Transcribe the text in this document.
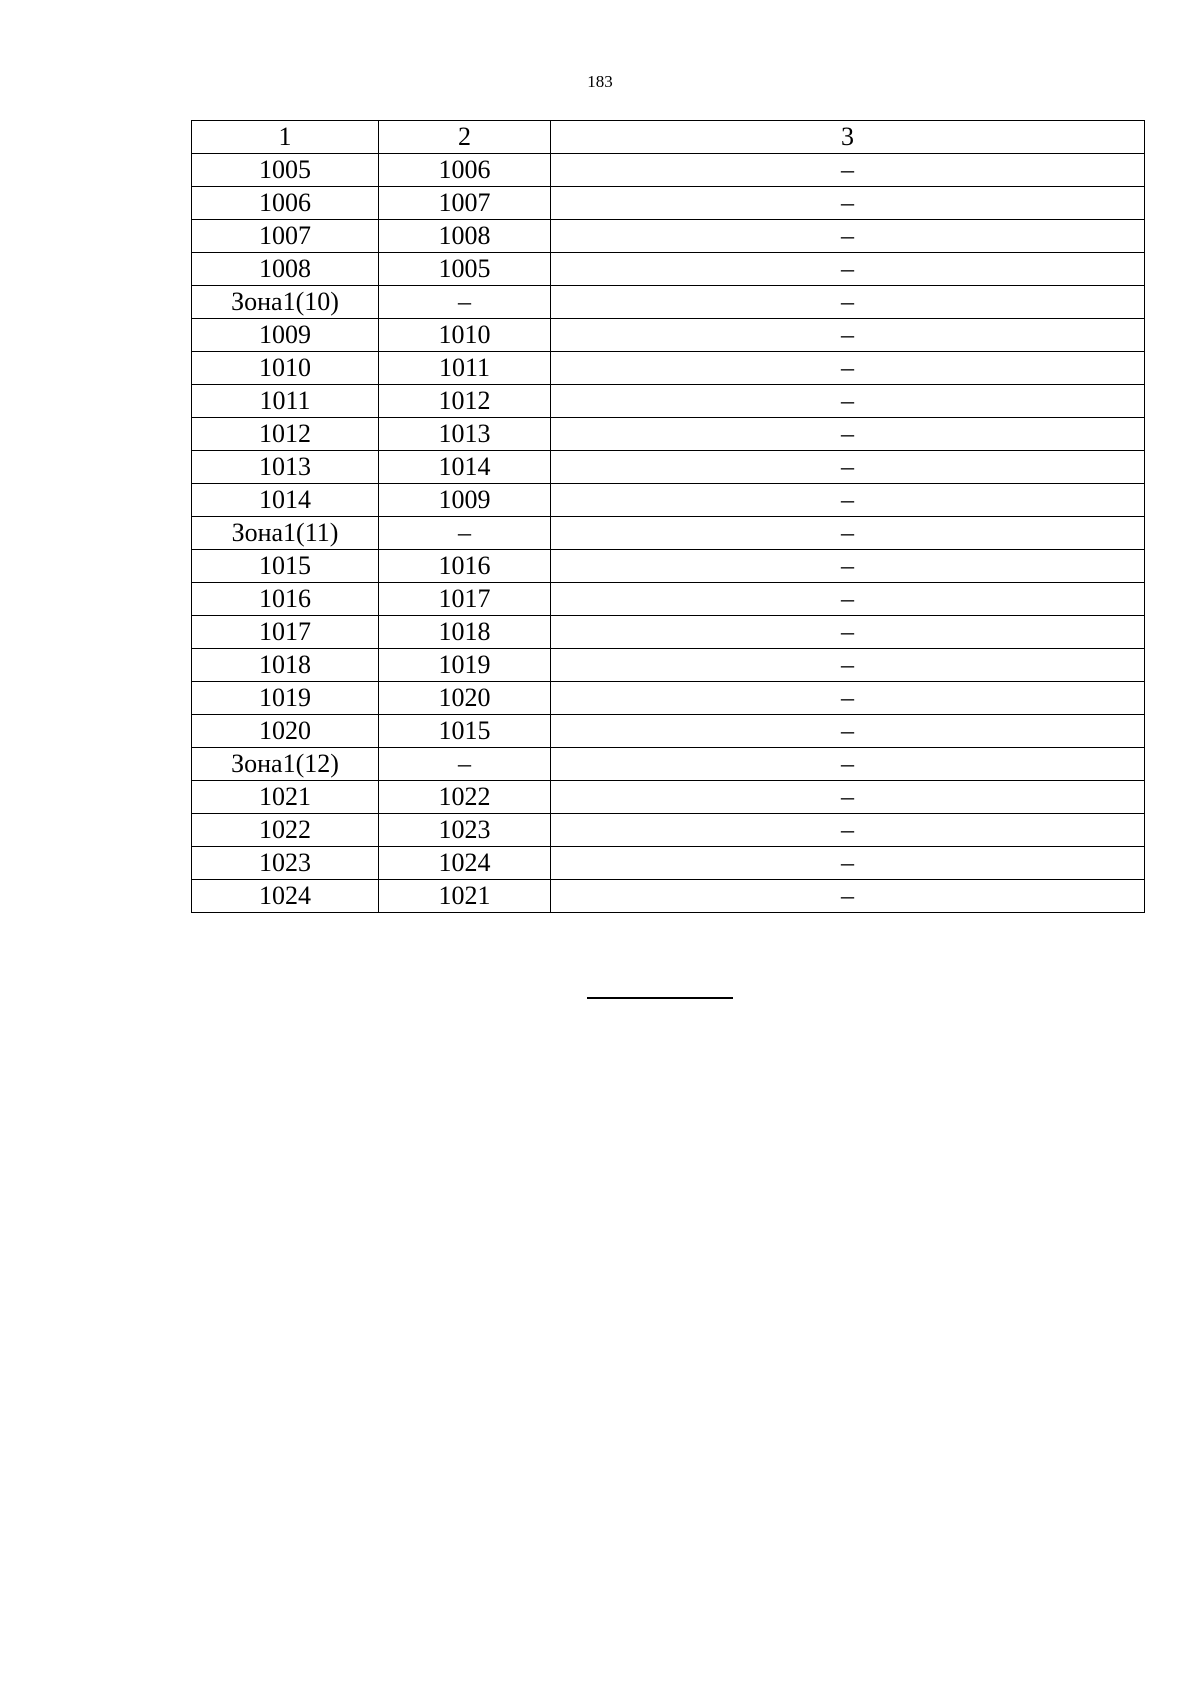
183
1	2	3
1005	1006	–
1006	1007	–
1007	1008	–
1008	1005	–
Зона1(10)	–	–
1009	1010	–
1010	1011	–
1011	1012	–
1012	1013	–
1013	1014	–
1014	1009	–
Зона1(11)	–	–
1015	1016	–
1016	1017	–
1017	1018	–
1018	1019	–
1019	1020	–
1020	1015	–
Зона1(12)	–	–
1021	1022	–
1022	1023	–
1023	1024	–
1024	1021	–
